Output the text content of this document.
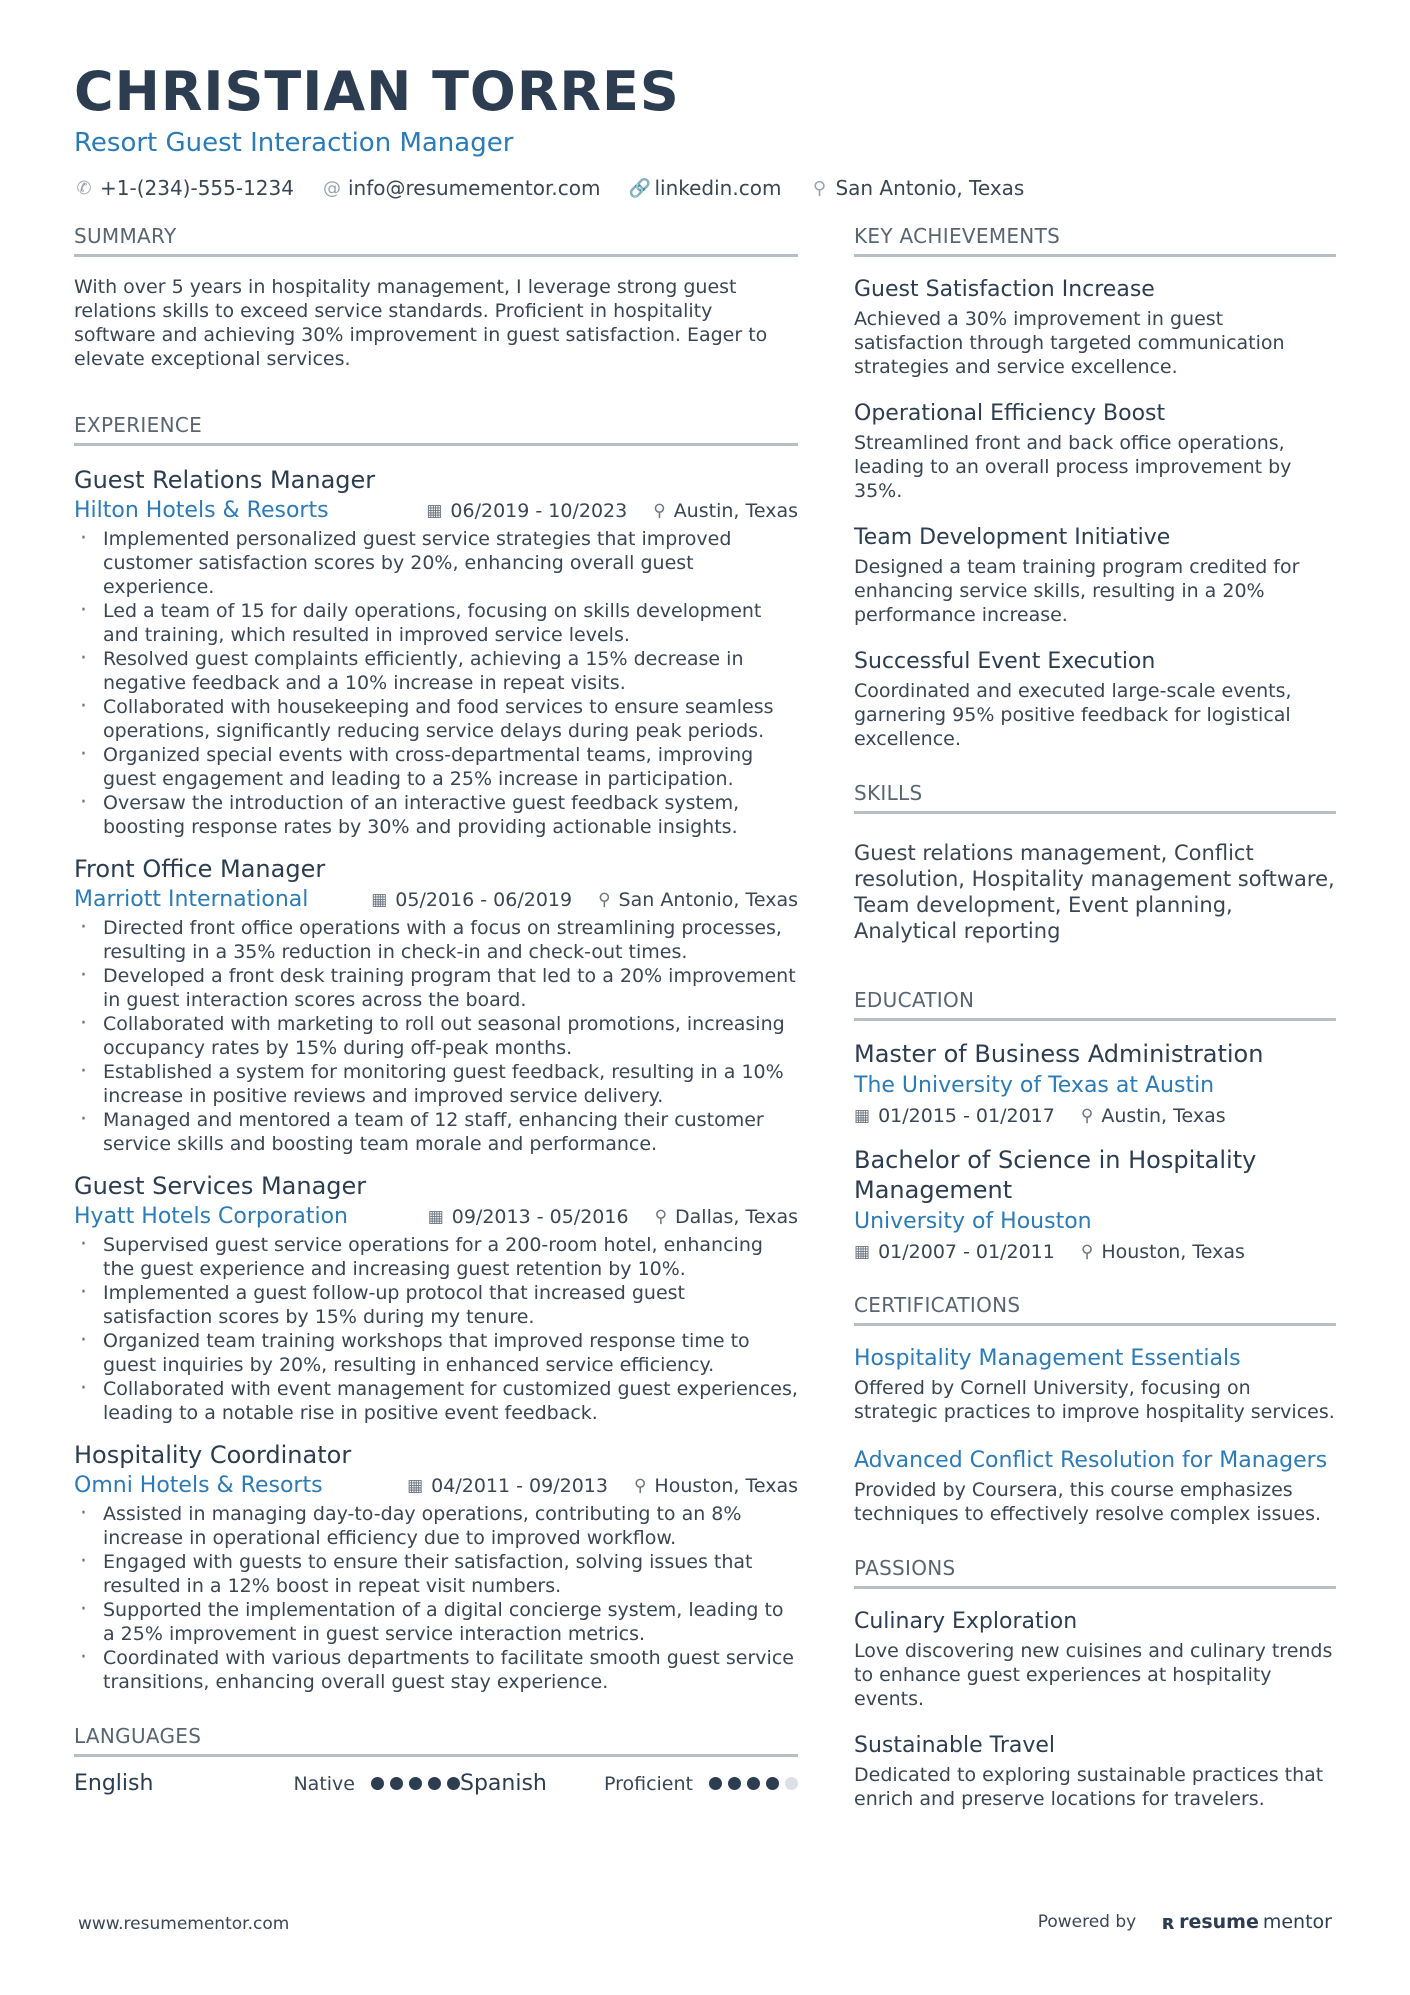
CHRISTIAN TORRES
Resort Guest Interaction Manager
✆ +1-(234)-555-1234 @ info@resumementor.com 🔗 linkedin.com ⚲ San Antonio, Texas
SUMMARY
With over 5 years in hospitality management, I leverage strong guest relations skills to exceed service standards. Proficient in hospitality software and achieving 30% improvement in guest satisfaction. Eager to elevate exceptional services.
EXPERIENCE
Guest Relations Manager
Hilton Hotels & Resorts	▦ 06/2019 - 10/2023 ⚲ Austin, Texas
· Implemented personalized guest service strategies that improved customer satisfaction scores by 20%, enhancing overall guest experience.
· Led a team of 15 for daily operations, focusing on skills development and training, which resulted in improved service levels.
· Resolved guest complaints efficiently, achieving a 15% decrease in negative feedback and a 10% increase in repeat visits.
· Collaborated with housekeeping and food services to ensure seamless operations, significantly reducing service delays during peak periods.
· Organized special events with cross-departmental teams, improving guest engagement and leading to a 25% increase in participation.
· Oversaw the introduction of an interactive guest feedback system, boosting response rates by 30% and providing actionable insights.
Front Office Manager
Marriott International	▦ 05/2016 - 06/2019 ⚲ San Antonio, Texas
· Directed front office operations with a focus on streamlining processes, resulting in a 35% reduction in check-in and check-out times.
· Developed a front desk training program that led to a 20% improvement in guest interaction scores across the board.
· Collaborated with marketing to roll out seasonal promotions, increasing occupancy rates by 15% during off-peak months.
· Established a system for monitoring guest feedback, resulting in a 10% increase in positive reviews and improved service delivery.
· Managed and mentored a team of 12 staff, enhancing their customer service skills and boosting team morale and performance.
Guest Services Manager
Hyatt Hotels Corporation	▦ 09/2013 - 05/2016 ⚲ Dallas, Texas
· Supervised guest service operations for a 200-room hotel, enhancing the guest experience and increasing guest retention by 10%.
· Implemented a guest follow-up protocol that increased guest satisfaction scores by 15% during my tenure.
· Organized team training workshops that improved response time to guest inquiries by 20%, resulting in enhanced service efficiency.
· Collaborated with event management for customized guest experiences, leading to a notable rise in positive event feedback.
Hospitality Coordinator
Omni Hotels & Resorts	▦ 04/2011 - 09/2013 ⚲ Houston, Texas
· Assisted in managing day-to-day operations, contributing to an 8% increase in operational efficiency due to improved workflow.
· Engaged with guests to ensure their satisfaction, solving issues that resulted in a 12% boost in repeat visit numbers.
· Supported the implementation of a digital concierge system, leading to a 25% improvement in guest service interaction metrics.
· Coordinated with various departments to facilitate smooth guest service transitions, enhancing overall guest stay experience.
LANGUAGES
English	Native	Spanish	Proficient
KEY ACHIEVEMENTS
Guest Satisfaction Increase
Achieved a 30% improvement in guest satisfaction through targeted communication strategies and service excellence.
Operational Efficiency Boost
Streamlined front and back office operations, leading to an overall process improvement by 35%.
Team Development Initiative
Designed a team training program credited for enhancing service skills, resulting in a 20% performance increase.
Successful Event Execution
Coordinated and executed large-scale events, garnering 95% positive feedback for logistical excellence.
SKILLS
Guest relations management, Conflict resolution, Hospitality management software, Team development, Event planning, Analytical reporting
EDUCATION
Master of Business Administration
The University of Texas at Austin
▦ 01/2015 - 01/2017 ⚲ Austin, Texas
Bachelor of Science in Hospitality Management
University of Houston
▦ 01/2007 - 01/2011 ⚲ Houston, Texas
CERTIFICATIONS
Hospitality Management Essentials
Offered by Cornell University, focusing on strategic practices to improve hospitality services.
Advanced Conflict Resolution for Managers
Provided by Coursera, this course emphasizes techniques to effectively resolve complex issues.
PASSIONS
Culinary Exploration
Love discovering new cuisines and culinary trends to enhance guest experiences at hospitality events.
Sustainable Travel
Dedicated to exploring sustainable practices that enrich and preserve locations for travelers.
www.resumementor.com	Powered by ʀ resume mentor
